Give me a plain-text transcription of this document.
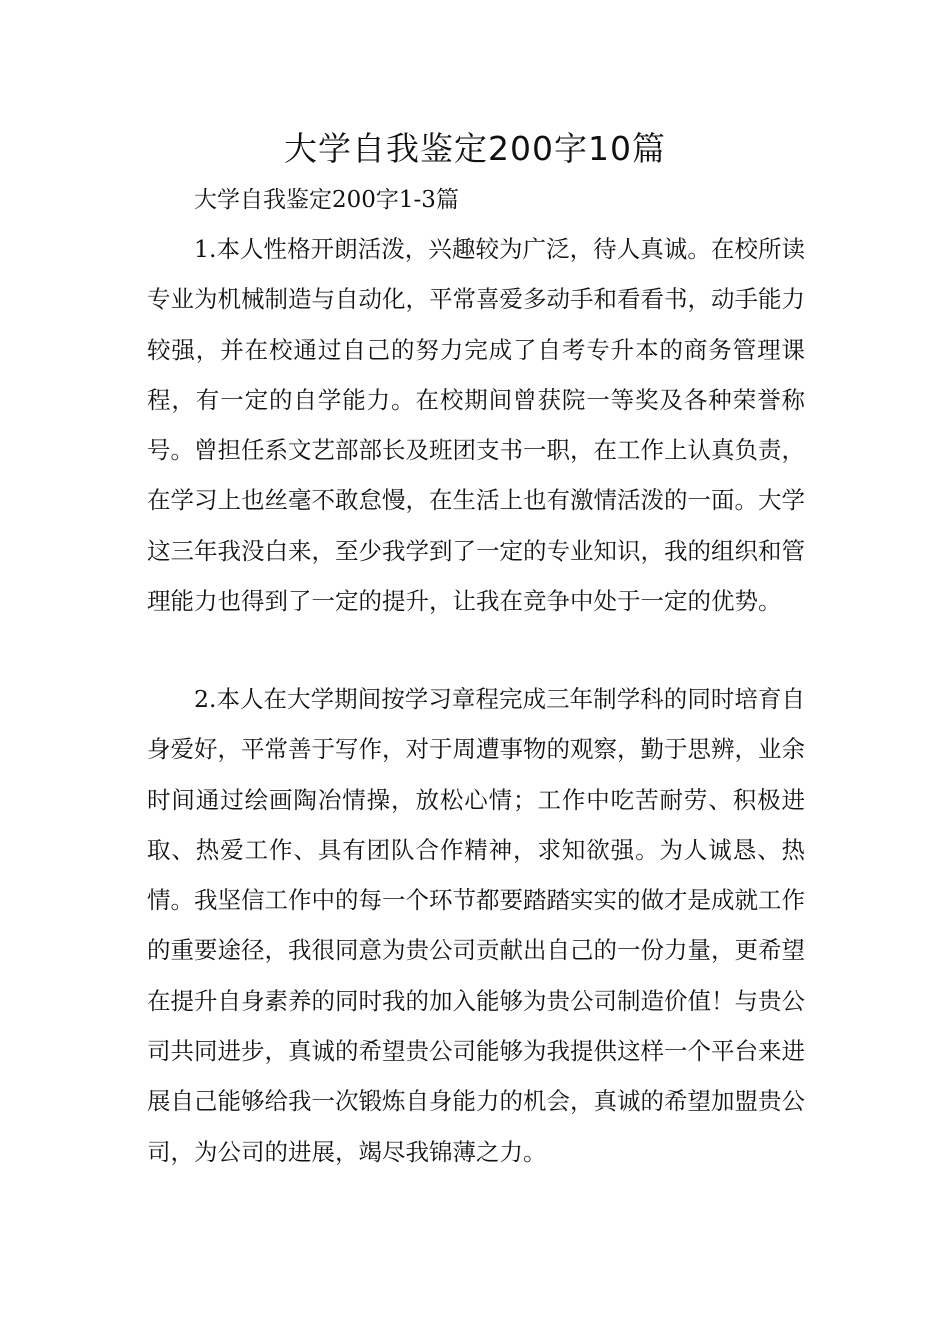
大学自我鉴定200字10篇

大学自我鉴定200字1-3篇

1.本人性格开朗活泼，兴趣较为广泛，待人真诚。在校所读专业为机械制造与自动化，平常喜爱多动手和看看书，动手能力较强，并在校通过自己的努力完成了自考专升本的商务管理课程，有一定的自学能力。在校期间曾获院一等奖及各种荣誉称号。曾担任系文艺部部长及班团支书一职，在工作上认真负责，在学习上也丝毫不敢怠慢，在生活上也有激情活泼的一面。大学这三年我没白来，至少我学到了一定的专业知识，我的组织和管理能力也得到了一定的提升，让我在竞争中处于一定的优势。

2.本人在大学期间按学习章程完成三年制学科的同时培育自身爱好，平常善于写作，对于周遭事物的观察，勤于思辨，业余时间通过绘画陶冶情操，放松心情；工作中吃苦耐劳、积极进取、热爱工作、具有团队合作精神，求知欲强。为人诚恳、热情。我坚信工作中的每一个环节都要踏踏实实的做才是成就工作的重要途径，我很同意为贵公司贡献出自己的一份力量，更希望在提升自身素养的同时我的加入能够为贵公司制造价值！与贵公司共同进步，真诚的希望贵公司能够为我提供这样一个平台来进展自己能够给我一次锻炼自身能力的机会，真诚的希望加盟贵公司，为公司的进展，竭尽我锦薄之力。
